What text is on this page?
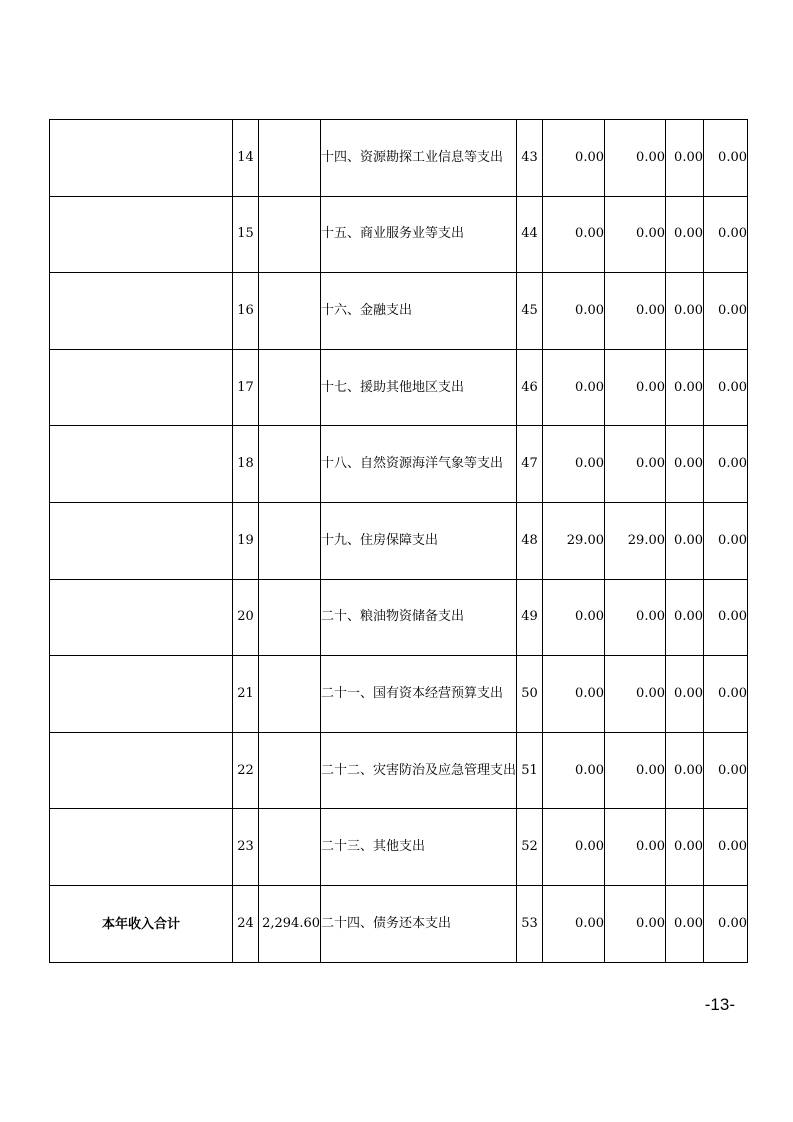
	14		十四、资源勘探工业信息等支出	43	0.00	0.00	0.00	0.00

	15		十五、商业服务业等支出	44	0.00	0.00	0.00	0.00

	16		十六、金融支出	45	0.00	0.00	0.00	0.00

	17		十七、援助其他地区支出	46	0.00	0.00	0.00	0.00

	18		十八、自然资源海洋气象等支出	47	0.00	0.00	0.00	0.00

	19		十九、住房保障支出	48	29.00	29.00	0.00	0.00

	20		二十、粮油物资储备支出	49	0.00	0.00	0.00	0.00

	21		二十一、国有资本经营预算支出	50	0.00	0.00	0.00	0.00

	22		二十二、灾害防治及应急管理支出	51	0.00	0.00	0.00	0.00

	23		二十三、其他支出	52	0.00	0.00	0.00	0.00

本年收入合计	24	2,294.60	二十四、债务还本支出	53	0.00	0.00	0.00	0.00
-13-
